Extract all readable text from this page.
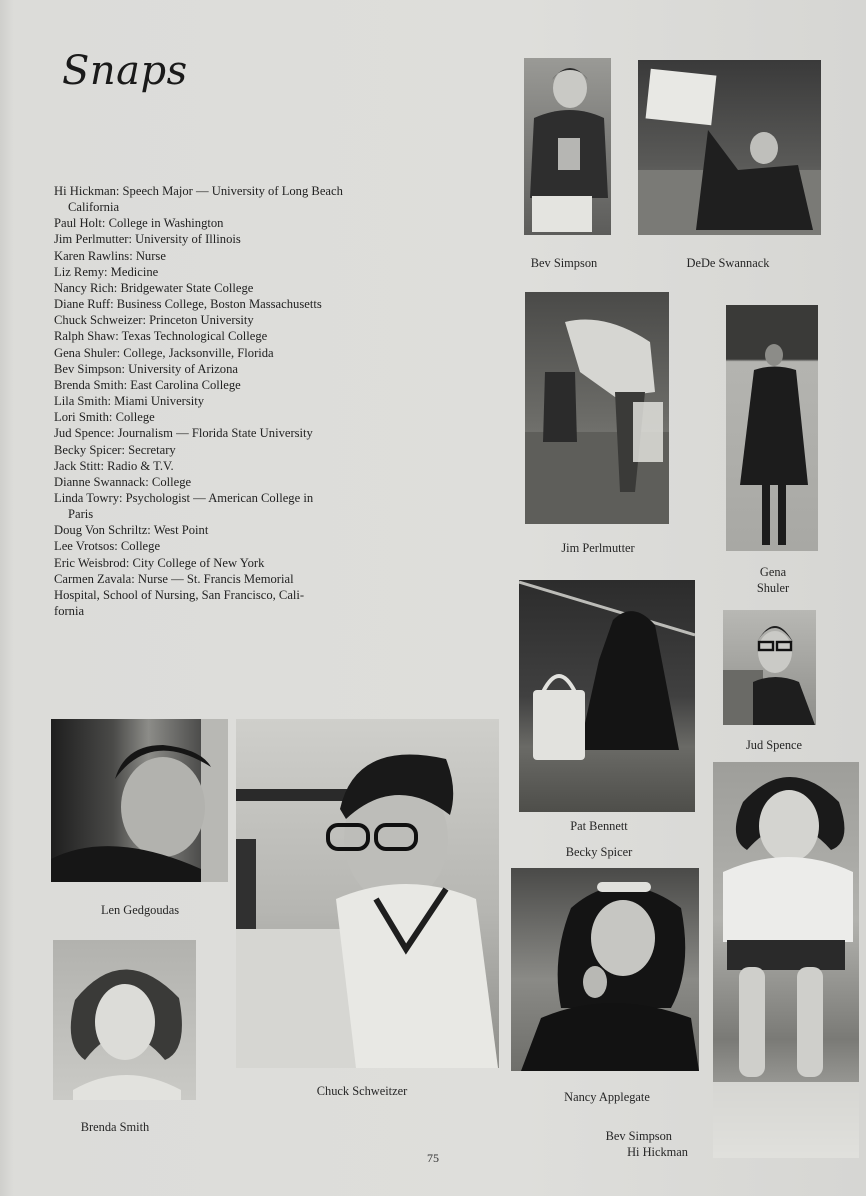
Snaps
Hi Hickman: Speech Major — University of Long Beach
California
Paul Holt: College in Washington
Jim Perlmutter: University of Illinois
Karen Rawlins: Nurse
Liz Remy: Medicine
Nancy Rich: Bridgewater State College
Diane Ruff: Business College, Boston Massachusetts
Chuck Schweizer: Princeton University
Ralph Shaw: Texas Technological College
Gena Shuler: College, Jacksonville, Florida
Bev Simpson: University of Arizona
Brenda Smith: East Carolina College
Lila Smith: Miami University
Lori Smith: College
Jud Spence: Journalism — Florida State University
Becky Spicer: Secretary
Jack Stitt: Radio & T.V.
Dianne Swannack: College
Linda Towry: Psychologist — American College in
Paris
Doug Von Schriltz: West Point
Lee Vrotsos: College
Eric Weisbrod: City College of New York
Carmen Zavala: Nurse — St. Francis Memorial
Hospital, School of Nursing, San Francisco, Cali-
fornia
Bev Simpson	DeDe Swannack
Jim Perlmutter
Gena
Shuler
Pat Bennett
Becky Spicer
Jud Spence
Len Gedgoudas
Chuck Schweitzer
Brenda Smith
Nancy Applegate
Bev Simpson
Hi Hickman
75
